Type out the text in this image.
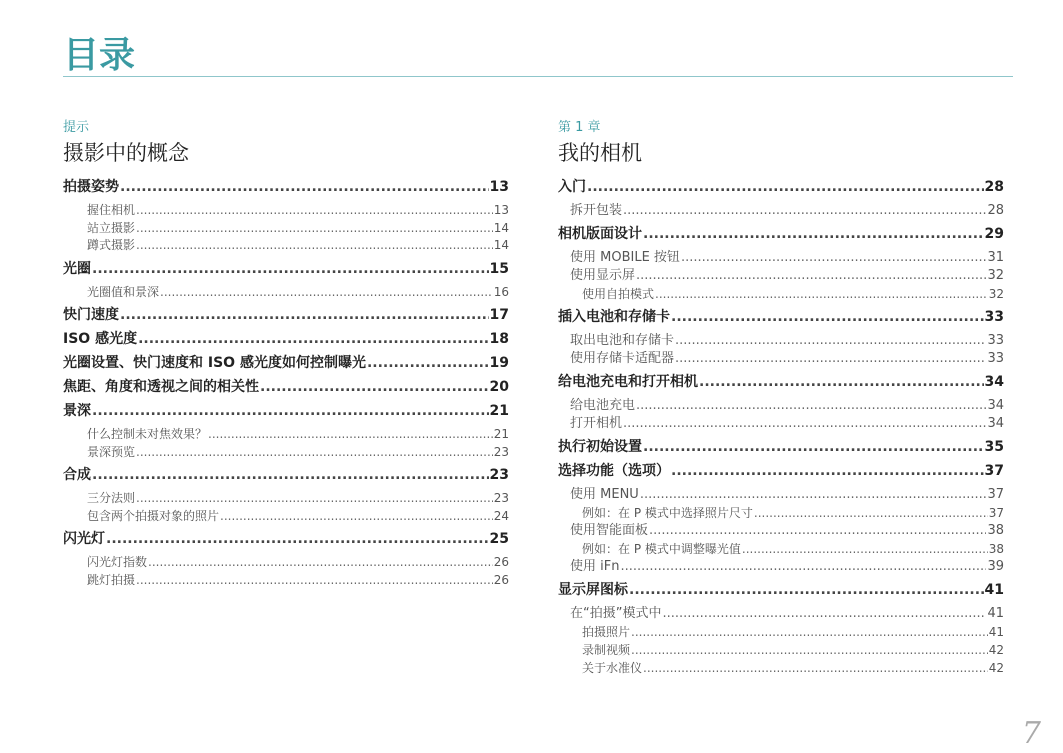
目录
提示
摄影中的概念
拍摄姿势 .....	13
握住相机 .....	13
站立摄影 .....	14
蹲式摄影 .....	14
光圈 .....	15
光圈值和景深 .....	16
快门速度 .....	17
ISO 感光度 .....	18
光圈设置、快门速度和 ISO 感光度如何控制曝光 .....	19
焦距、角度和透视之间的相关性 .....	20
景深 .....	21
什么控制未对焦效果？ .....	21
景深预览 .....	23
合成 .....	23
三分法则 .....	23
包含两个拍摄对象的照片 .....	24
闪光灯 .....	25
闪光灯指数 .....	26
跳灯拍摄 .....	26
第 1 章
我的相机
入门 .....	28
拆开包装 .....	28
相机版面设计 .....	29
使用 MOBILE 按钮 .....	31
使用显示屏 .....	32
使用自拍模式 .....	32
插入电池和存储卡 .....	33
取出电池和存储卡 .....	33
使用存储卡适配器 .....	33
给电池充电和打开相机 .....	34
给电池充电 .....	34
打开相机 .....	34
执行初始设置 .....	35
选择功能（选项） .....	37
使用 MENU .....	37
例如：在 P 模式中选择照片尺寸 .....	37
使用智能面板 .....	38
例如：在 P 模式中调整曝光值 .....	38
使用 iFn .....	39
显示屏图标 .....	41
在“拍摄”模式中 .....	41
拍摄照片 .....	41
录制视频 .....	42
关于水准仪 .....	42
7
